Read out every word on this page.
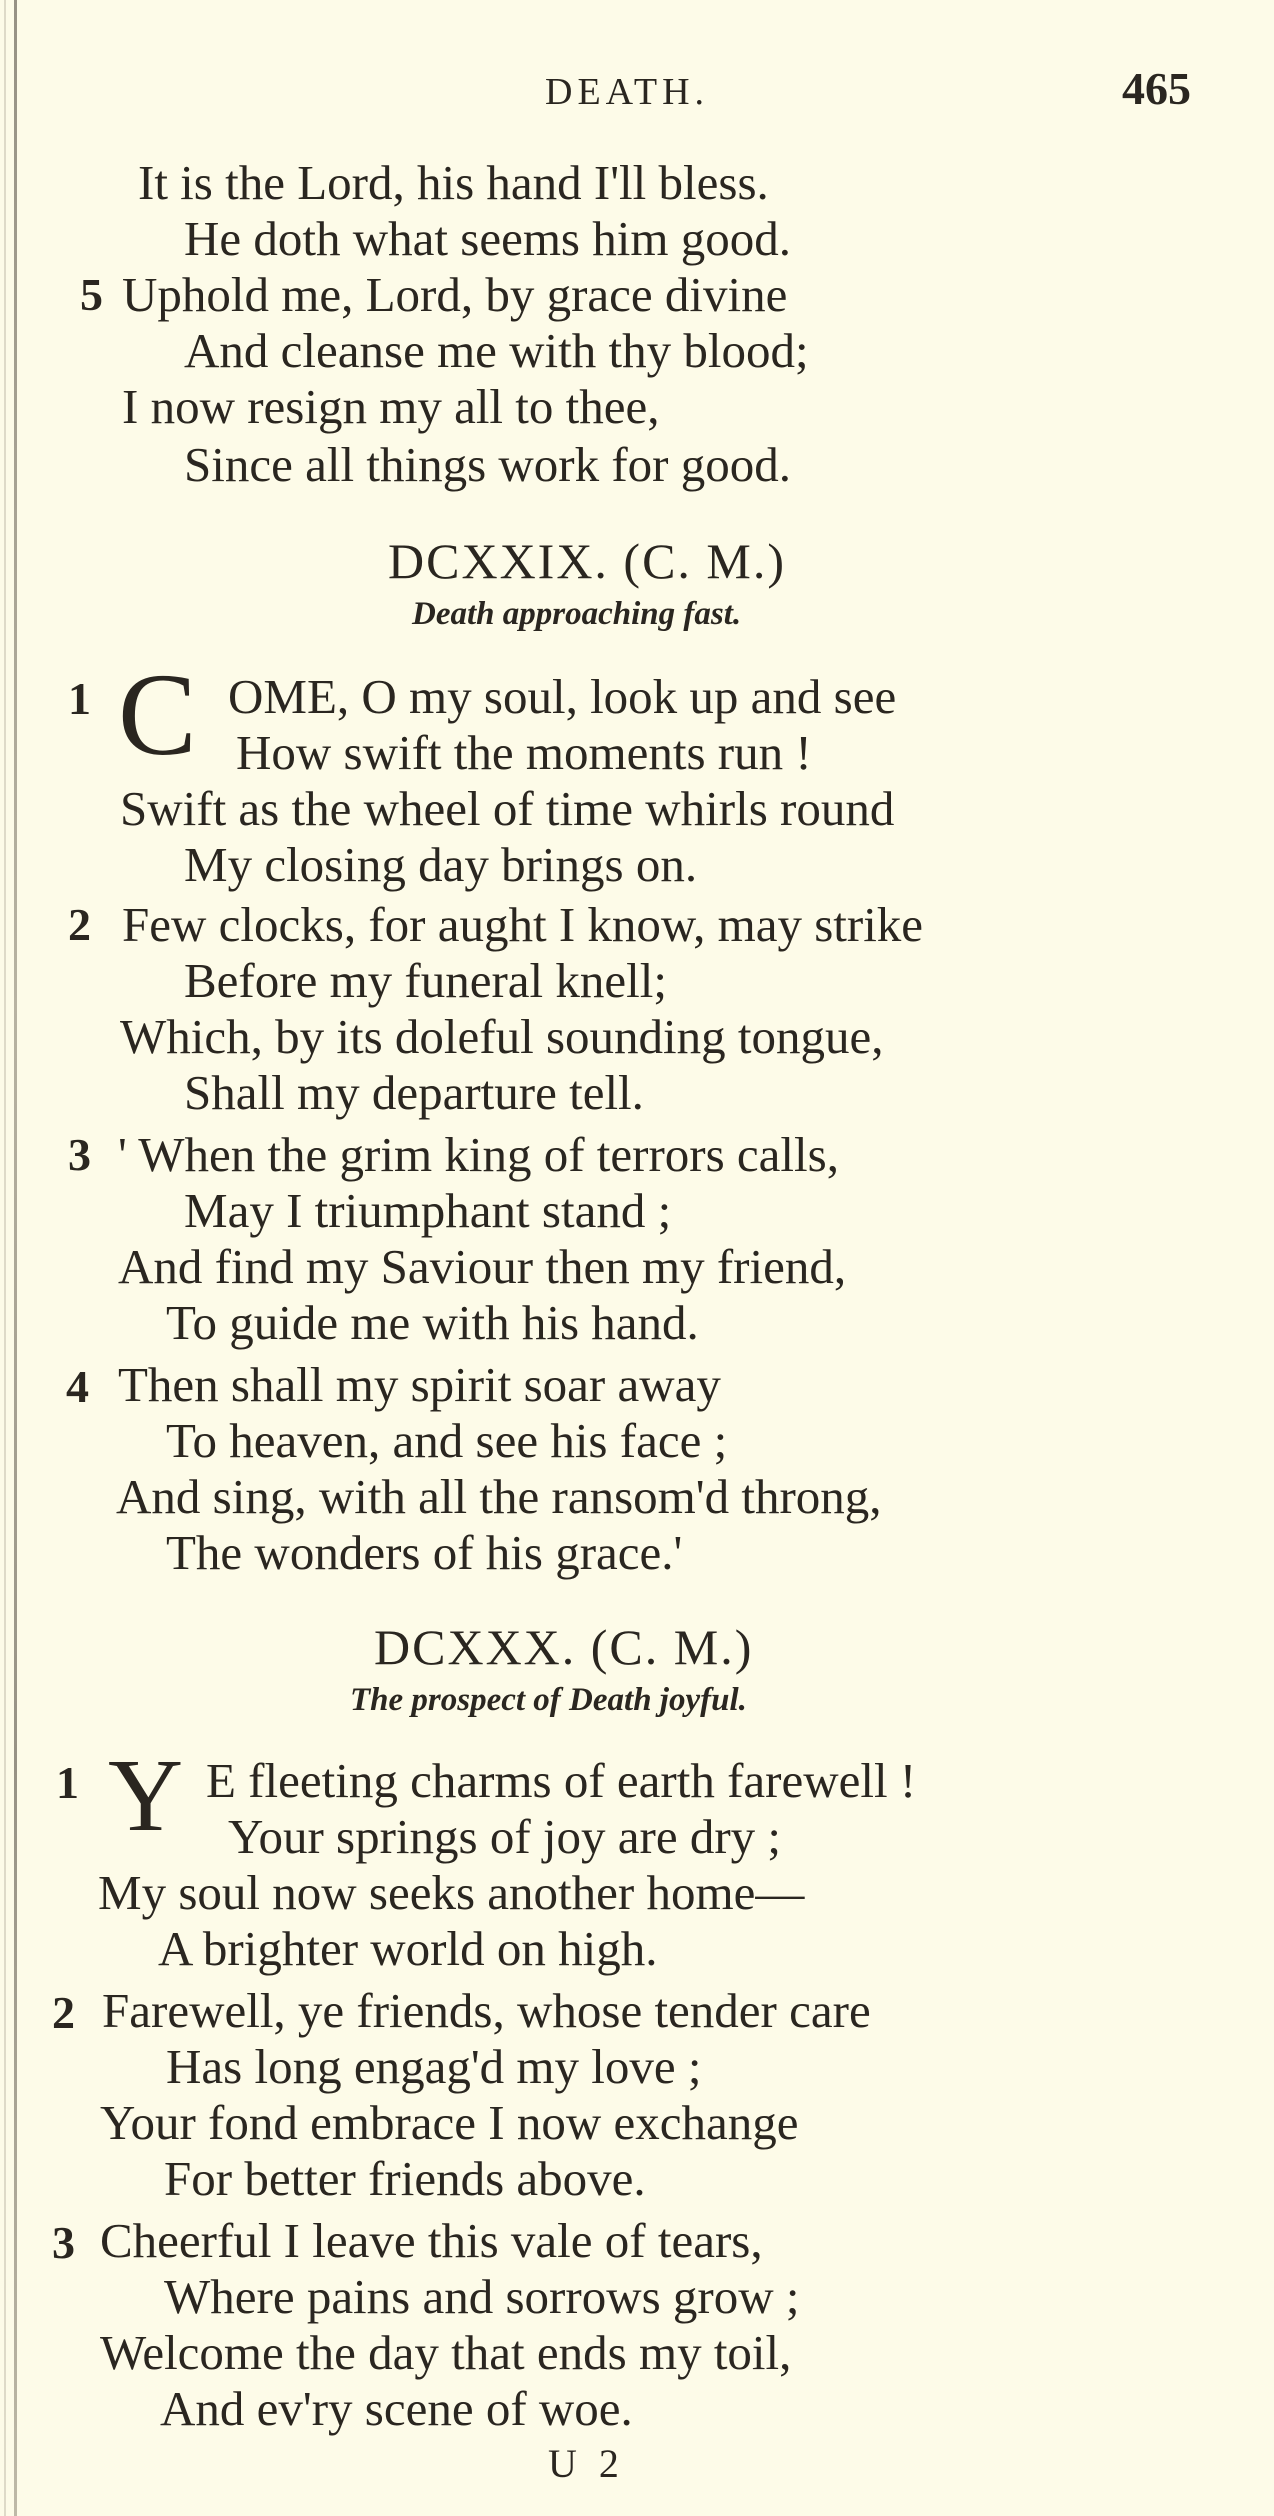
DEATH.	465
It is the Lord, his hand I'll bless.
He doth what seems him good.
5 Uphold me, Lord, by grace divine
And cleanse me with thy blood;
I now resign my all to thee,
Since all things work for good.
DCXXIX. (C. M.)
Death approaching fast.
1 C OME, O my soul, look up and see
How swift the moments run !
Swift as the wheel of time whirls round
My closing day brings on.
2 Few clocks, for aught I know, may strike
Before my funeral knell;
Which, by its doleful sounding tongue,
Shall my departure tell.
3 ' When the grim king of terrors calls,
May I triumphant stand ;
And find my Saviour then my friend,
To guide me with his hand.
4 Then shall my spirit soar away
To heaven, and see his face ;
And sing, with all the ransom'd throng,
The wonders of his grace.'
DCXXX. (C. M.)
The prospect of Death joyful.
1 Y E fleeting charms of earth farewell !
Your springs of joy are dry ;
My soul now seeks another home—
A brighter world on high.
2 Farewell, ye friends, whose tender care
Has long engag'd my love ;
Your fond embrace I now exchange
For better friends above.
3 Cheerful I leave this vale of tears,
Where pains and sorrows grow ;
Welcome the day that ends my toil,
And ev'ry scene of woe.
U 2
